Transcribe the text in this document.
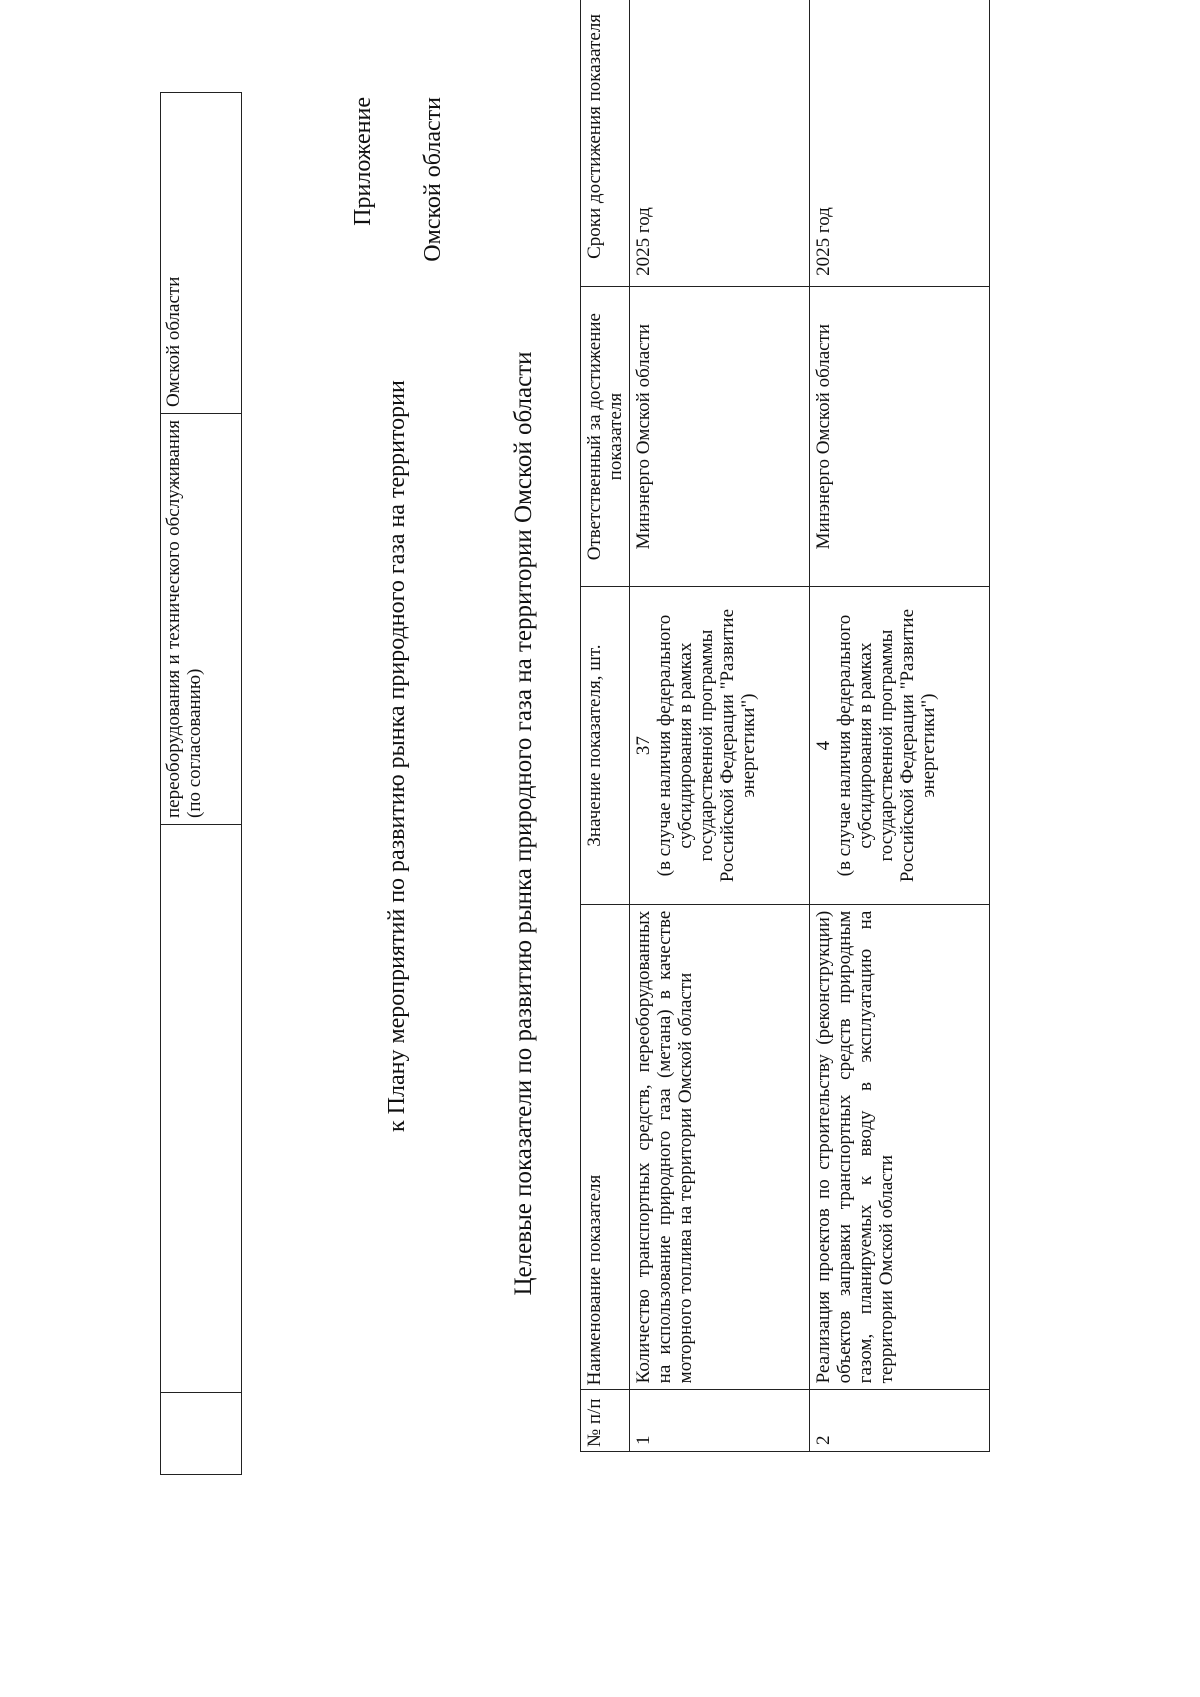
		переоборудования и технического обслуживания (по согласованию)	Омской области
Приложение
к Плану мероприятий по развитию рынка природного газа на территории
Омской области
Целевые показатели по развитию рынка природного газа на территории Омской области
№ п/п	Наименование показателя	Значение показателя, шт.	Ответственный за достижение показателя	Сроки достижения показателя
1	Количество транспортных средств, переоборудованных на использование природного газа (метана) в качестве моторного топлива на территории Омской области	37 (в случае наличия федерального субсидирования в рамках государственной программы Российской Федерации "Развитие энергетики")	Минэнерго Омской области	2025 год
2	Реализация проектов по строительству (реконструкции) объектов заправки транспортных средств природным газом, планируемых к вводу в эксплуатацию на территории Омской области	4 (в случае наличия федерального субсидирования в рамках государственной программы Российской Федерации "Развитие энергетики")	Минэнерго Омской области	2025 год
